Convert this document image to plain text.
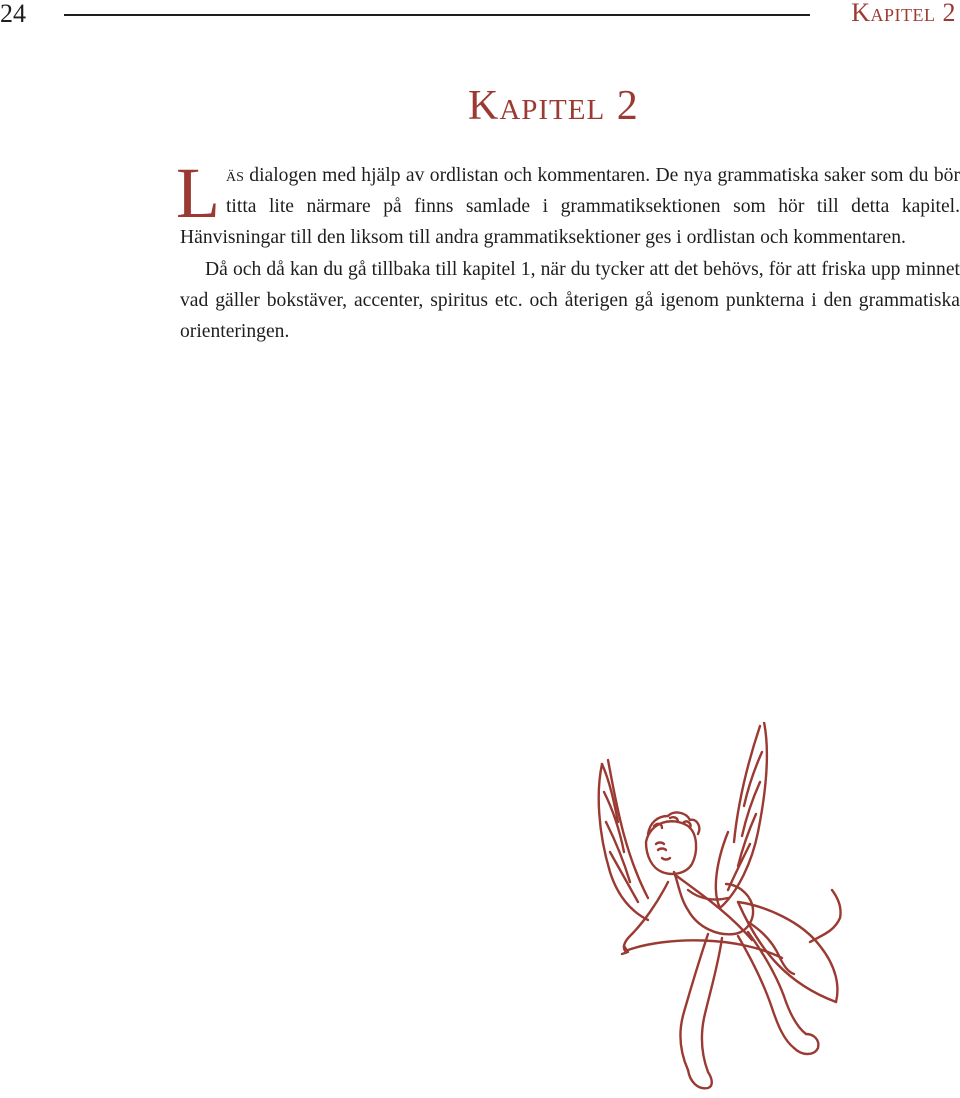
24	Kapitel 2
Kapitel 2

Läs dialogen med hjälp av ordlistan och kommentaren. De nya grammatiska saker som du bör titta lite närmare på finns samlade i grammatiksektionen som hör till detta kapitel. Hänvisningar till den liksom till andra grammatiksektioner ges i ordlistan och kommentaren.

Då och då kan du gå tillbaka till kapitel 1, när du tycker att det behövs, för att friska upp minnet vad gäller bokstäver, accenter, spiritus etc. och återigen gå igenom punkterna i den grammatiska orienteringen.
